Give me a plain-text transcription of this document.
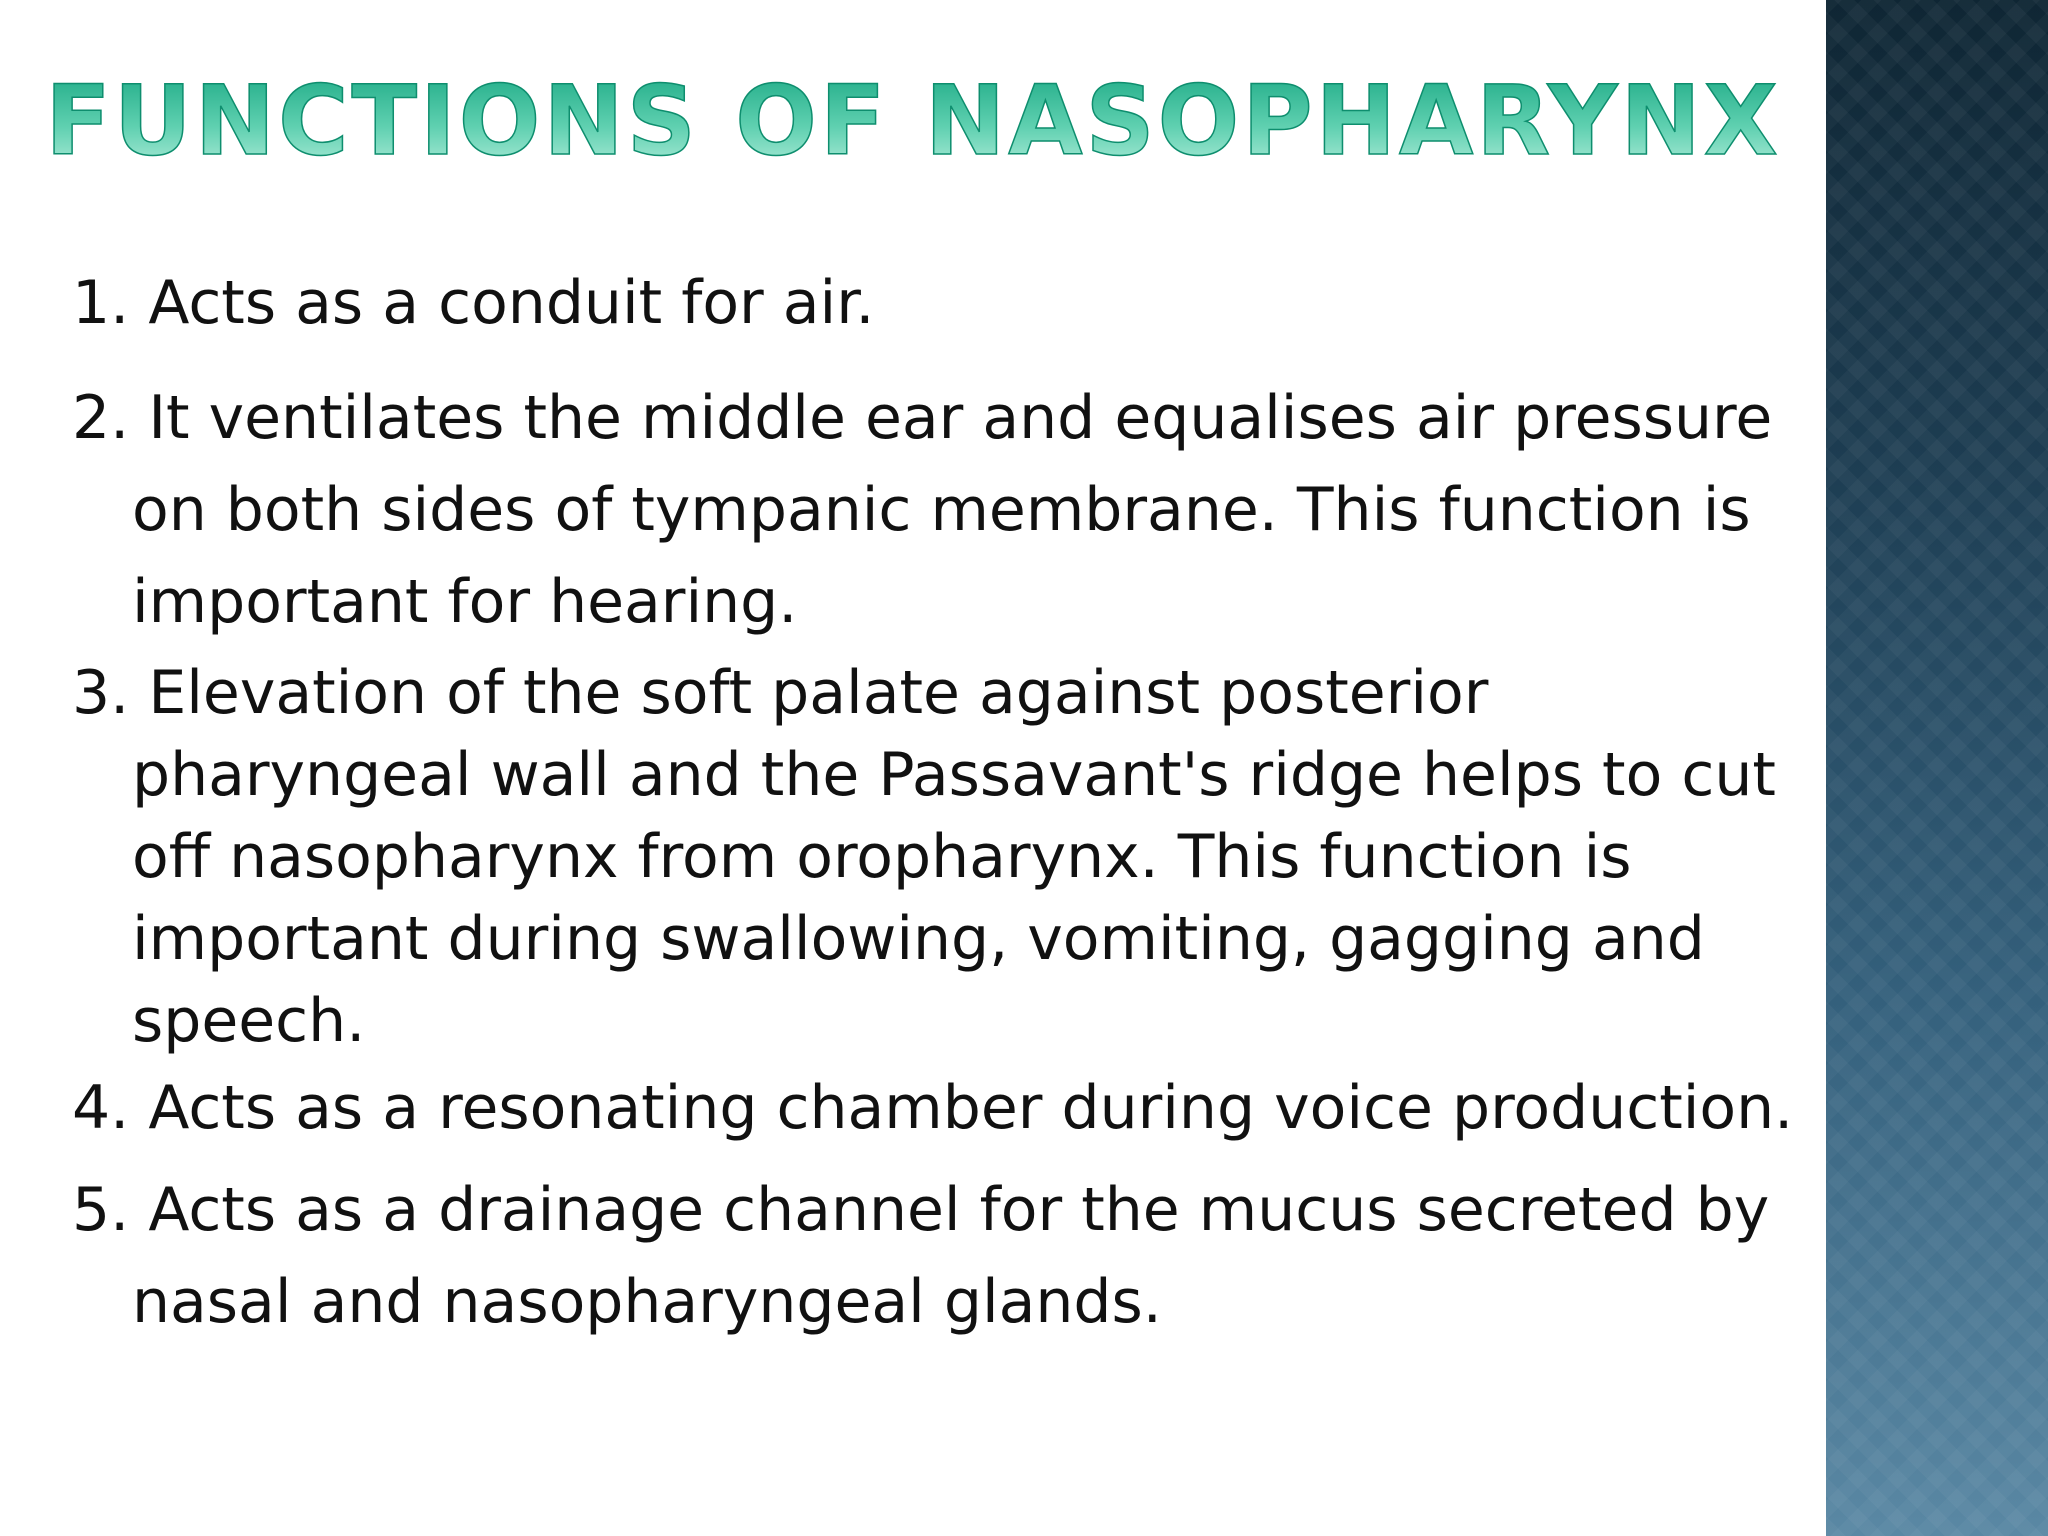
FUNCTIONS OF NASOPHARYNX
1. Acts as a conduit for air.
2. It ventilates the middle ear and equalises air pressure on both sides of tympanic membrane. This function is important for hearing.
3. Elevation of the soft palate against posterior pharyngeal wall and the Passavant's ridge helps to cut off nasopharynx from oropharynx. This function is important during swallowing, vomiting, gagging and speech.
4. Acts as a resonating chamber during voice production.
5. Acts as a drainage channel for the mucus secreted by nasal and nasopharyngeal glands.
